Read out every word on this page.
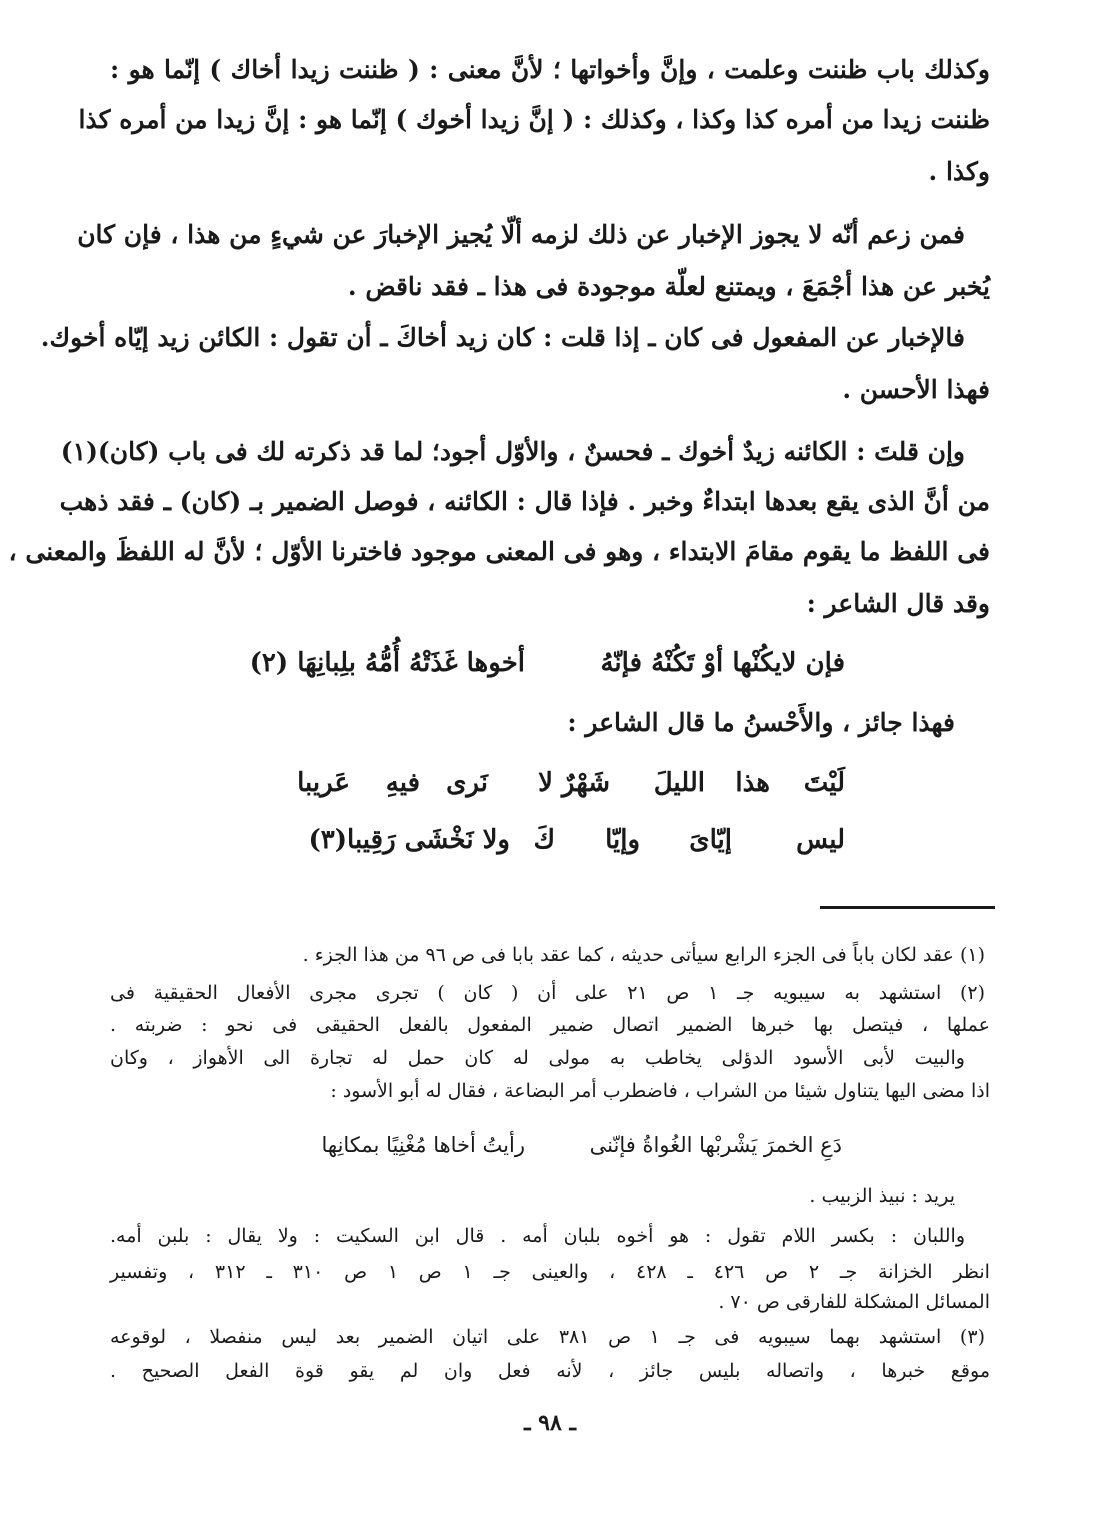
وكذلك باب ظننت وعلمت ، وإنَّ وأخواتها ؛ لأنَّ معنى : ( ظننت زيدا أخاك ) إنّما هو :
ظننت زيدا من أمره كذا وكذا ، وكذلك : ( إنَّ زيدا أخوك ) إنّما هو : إنَّ زيدا من أمره كذا
وكذا .
فمن زعم أنّه لا يجوز الإخبار عن ذلك لزمه ألّا يُجيز الإخبارَ عن شيءٍ من هذا ، فإن كان
يُخبر عن هذا أجْمَعَ ، ويمتنع لعلّة موجودة فى هذا ـ فقد ناقض .
فالإخبار عن المفعول فى كان ـ إذا قلت : كان زيد أخاكَ ـ أن تقول : الكائن زيد إيّاه أخوك.
فهذا الأحسن .
وإن قلتَ : الكائنه زيدٌ أخوك ـ فحسنٌ ، والأوّل أجود؛ لما قد ذكرته لك فى باب (كان)(١)
من أنَّ الذى يقع بعدها ابتداءٌ وخبر . فإذا قال : الكائنه ، فوصل الضمير بـ (كان) ـ فقد ذهب
فى اللفظ ما يقوم مقامَ الابتداء ، وهو فى المعنى موجود فاخترنا الأوّل ؛ لأنَّ له اللفظَ والمعنى ،
وقد قال الشاعر :
فإن لايكُنْها أوْ تَكُنْهُ فإنّهُ
أخوها غَذَتْهُ أُمُّهُ بلِبانِهَا (٢)
فهذا جائز ، والأَحْسنُ ما قال الشاعر :
لَيْتَ
هذا
الليلَ
شَهْرٌ
لا
نَرى
فيهِ
عَريبا
ليس
إيّاىَ
وإيّا
كَ
ولا نَخْشَى رَقِيبا(٣)
(١) عقد لكان باباً فى الجزء الرابع سيأتى حديثه ، كما عقد بابا فى ص ٩٦ من هذا الجزء .
(٢) استشهد به سيبويه جـ ١ ص ٢١ على أن ( كان ) تجرى مجرى الأفعال الحقيقية فى
عملها ، فيتصل بها خبرها الضمير اتصال ضمير المفعول بالفعل الحقيقى فى نحو : ضربته .
والبيت لأبى الأسود الدؤلى يخاطب به مولى له كان حمل له تجارة الى الأهواز ، وكان
اذا مضى اليها يتناول شيئا من الشراب ، فاضطرب أمر البضاعة ، فقال له أبو الأسود :
دَعِ الخمرَ يَشْربْها الغُواةُ فإنّنى
رأيتُ أخاها مُغْنِيًا بمكانِها
يريد : نبيذ الزبيب .
واللبان : بكسر اللام تقول : هو أخوه بلبان أمه . قال ابن السكيت : ولا يقال : بلبن أمه.
انظر الخزانة جـ ٢ ص ٤٢٦ ـ ٤٢٨ ، والعينى جـ ١ ص ١ ص ٣١٠ ـ ٣١٢ ، وتفسير
المسائل المشكلة للفارقى ص ٧٠ .
(٣) استشهد بهما سيبويه فى جـ ١ ص ٣٨١ على اتيان الضمير بعد ليس منفصلا ، لوقوعه
موقع خبرها ، واتصاله بليس جائز ، لأنه فعل وان لم يقو قوة الفعل الصحيح .
ـ ٩٨ ـ
